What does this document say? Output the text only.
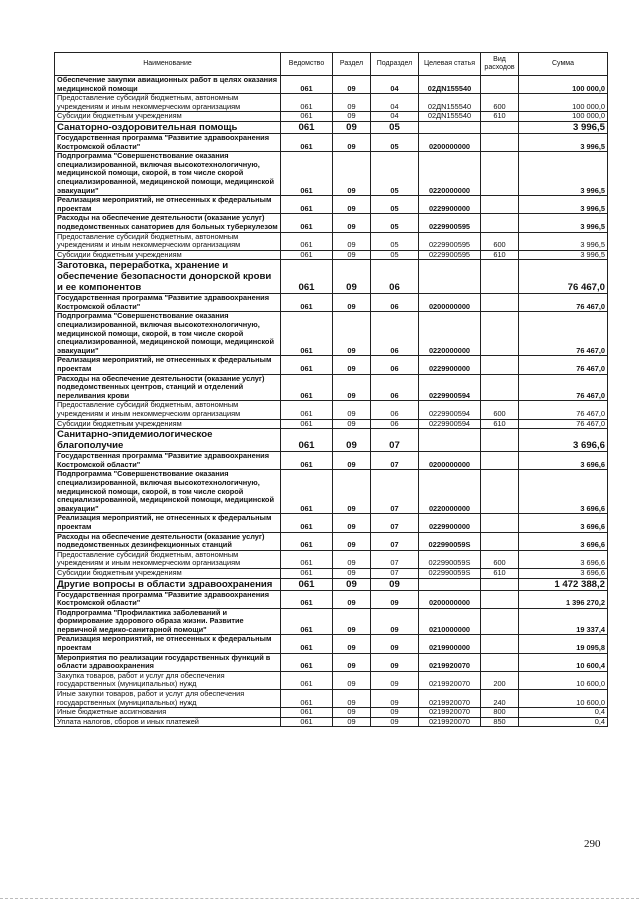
Наименование	Ведомство	Раздел	Подраздел	Целевая статья	Вид расходов	Сумма
Обеспечение закупки авиационных работ в целях оказания медицинской помощи	061	09	04	02ДN155540		100 000,0
Предоставление субсидий бюджетным, автономным учреждениям и иным некоммерческим организациям	061	09	04	02ДN155540	600	100 000,0
Субсидии бюджетным учреждениям	061	09	04	02ДN155540	610	100 000,0
Санаторно-оздоровительная помощь	061	09	05			3 996,5
Государственная программа "Развитие здравоохранения Костромской области"	061	09	05	0200000000		3 996,5
Подпрограмма "Совершенствование оказания специализированной, включая высокотехнологичную, медицинской помощи, скорой, в том числе скорой специализированной, медицинской помощи, медицинской эвакуации"	061	09	05	0220000000		3 996,5
Реализация мероприятий, не отнесенных к федеральным проектам	061	09	05	0229900000		3 996,5
Расходы на обеспечение деятельности (оказание услуг) подведомственных санаториев для больных туберкулезом	061	09	05	0229900595		3 996,5
Предоставление субсидий бюджетным, автономным учреждениям и иным некоммерческим организациям	061	09	05	0229900595	600	3 996,5
Субсидии бюджетным учреждениям	061	09	05	0229900595	610	3 996,5
Заготовка, переработка, хранение и обеспечение безопасности донорской крови и ее компонентов	061	09	06			76 467,0
Государственная программа "Развитие здравоохранения Костромской области"	061	09	06	0200000000		76 467,0
Подпрограмма "Совершенствование оказания специализированной, включая высокотехнологичную, медицинской помощи, скорой, в том числе скорой специализированной, медицинской помощи, медицинской эвакуации"	061	09	06	0220000000		76 467,0
Реализация мероприятий, не отнесенных к федеральным проектам	061	09	06	0229900000		76 467,0
Расходы на обеспечение деятельности (оказание услуг) подведомственных центров, станций и отделений переливания крови	061	09	06	0229900594		76 467,0
Предоставление субсидий бюджетным, автономным учреждениям и иным некоммерческим организациям	061	09	06	0229900594	600	76 467,0
Субсидии бюджетным учреждениям	061	09	06	0229900594	610	76 467,0
Санитарно-эпидемиологическое благополучие	061	09	07			3 696,6
Государственная программа "Развитие здравоохранения Костромской области"	061	09	07	0200000000		3 696,6
Подпрограмма "Совершенствование оказания специализированной, включая высокотехнологичную, медицинской помощи, скорой, в том числе скорой специализированной, медицинской помощи, медицинской эвакуации"	061	09	07	0220000000		3 696,6
Реализация мероприятий, не отнесенных к федеральным проектам	061	09	07	0229900000		3 696,6
Расходы на обеспечение деятельности (оказание услуг) подведомственных дезинфекционных станций	061	09	07	022990059S		3 696,6
Предоставление субсидий бюджетным, автономным учреждениям и иным некоммерческим организациям	061	09	07	022990059S	600	3 696,6
Субсидии бюджетным учреждениям	061	09	07	022990059S	610	3 696,6
Другие вопросы в области здравоохранения	061	09	09			1 472 388,2
Государственная программа "Развитие здравоохранения Костромской области"	061	09	09	0200000000		1 396 270,2
Подпрограмма "Профилактика заболеваний и формирование здорового образа жизни. Развитие первичной медико-санитарной помощи"	061	09	09	0210000000		19 337,4
Реализация мероприятий, не отнесенных к федеральным проектам	061	09	09	0219900000		19 095,8
Мероприятия по реализации государственных функций в области здравоохранения	061	09	09	0219920070		10 600,4
Закупка товаров, работ и услуг для обеспечения государственных (муниципальных) нужд	061	09	09	0219920070	200	10 600,0
Иные закупки товаров, работ и услуг для обеспечения государственных (муниципальных) нужд	061	09	09	0219920070	240	10 600,0
Иные бюджетные ассигнования	061	09	09	0219920070	800	0,4
Уплата налогов, сборов и иных платежей	061	09	09	0219920070	850	0,4
290
